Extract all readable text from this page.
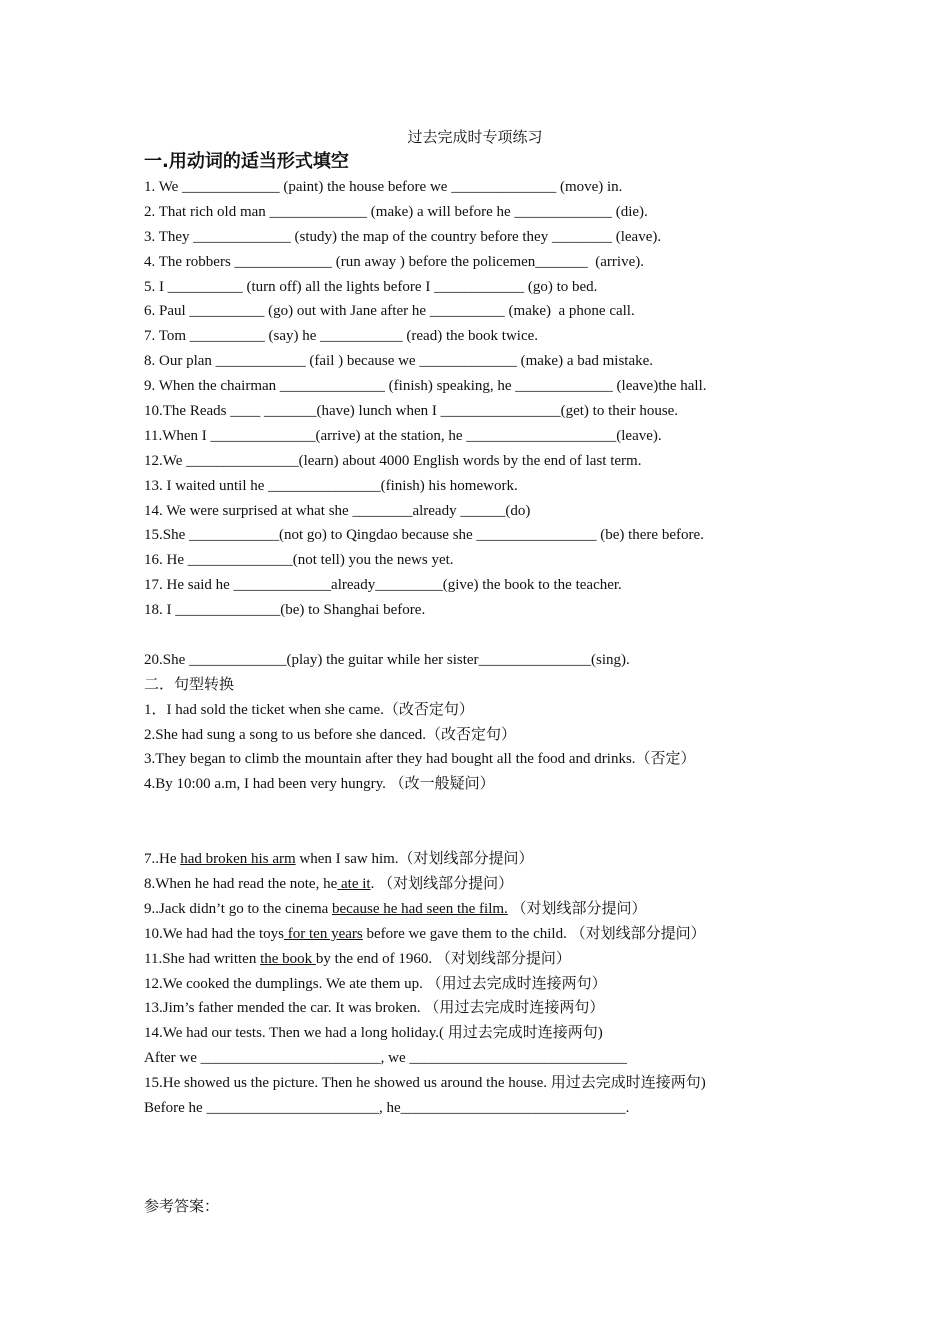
过去完成时专项练习
一.用动词的适当形式填空
1. We _____________ (paint) the house before we ______________ (move) in.
2. That rich old man _____________ (make) a will before he _____________ (die).
3. They _____________ (study) the map of the country before they ________ (leave).
4. The robbers _____________ (run away ) before the policemen_______  (arrive).
5. I __________ (turn off) all the lights before I ____________ (go) to bed.
6. Paul __________ (go) out with Jane after he __________ (make)  a phone call.
7. Tom __________ (say) he ___________ (read) the book twice.
8. Our plan ____________ (fail ) because we _____________ (make) a bad mistake.
9. When the chairman ______________ (finish) speaking, he _____________ (leave)the hall.
10.The Reads ____ _______(have) lunch when I ________________(get) to their house.
11.When I ______________(arrive) at the station, he ____________________(leave).
12.We _______________(learn) about 4000 English words by the end of last term.
13. I waited until he _______________(finish) his homework.
14. We were surprised at what she ________already ______(do)
15.She ____________(not go) to Qingdao because she ________________ (be) there before.
16. He ______________(not tell) you the news yet.
17. He said he _____________already_________(give) the book to the teacher.
18. I ______________(be) to Shanghai before.
20.She _____________(play) the guitar while her sister_______________(sing).
二．句型转换
1．I had sold the ticket when she came.（改否定句）
2.She had sung a song to us before she danced.（改否定句）
3.They began to climb the mountain after they had bought all the food and drinks.（否定）
4.By 10:00 a.m, I had been very hungry. （改一般疑问）
7..He had broken his arm when I saw him.（对划线部分提问）
8.When he had read the note, he ate it. （对划线部分提问）
9..Jack didn’t go to the cinema because he had seen the film. （对划线部分提问）
10.We had had the toys for ten years before we gave them to the child. （对划线部分提问）
11.She had written the book by the end of 1960. （对划线部分提问）
12.We cooked the dumplings. We ate them up. （用过去完成时连接两句）
13.Jim’s father mended the car. It was broken. （用过去完成时连接两句）
14.We had our tests. Then we had a long holiday.( 用过去完成时连接两句)
After we ________________________, we _____________________________
15.He showed us the picture. Then he showed us around the house. 用过去完成时连接两句)
Before he _______________________, he______________________________.
参考答案：
